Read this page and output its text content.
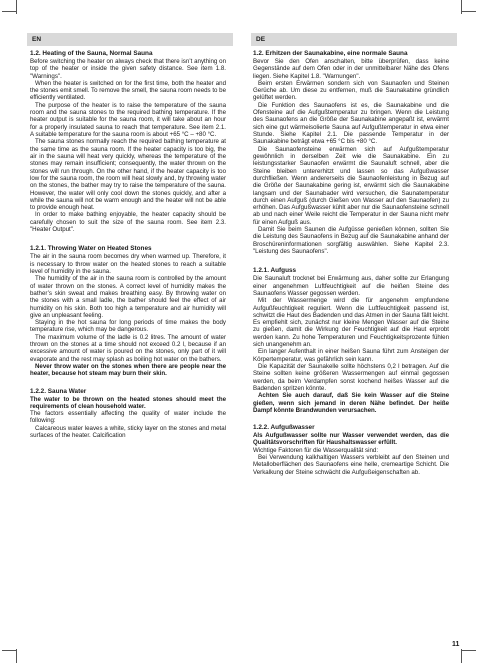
EN	DE
1.2. Heating of the Sauna, Normal Sauna

Before switching the heater on always check that there isn’t anything on top of the heater or inside the given safety distance. See item 1.8. "Warnings".

When the heater is switched on for the first time, both the heater and the stones emit smell. To remove the smell, the sauna room needs to be efficiently ventilated.

The purpose of the heater is to raise the temperature of the sauna room and the sauna stones to the required bathing temperature. If the heater output is suitable for the sauna room, it will take about an hour for a properly insulated sauna to reach that temperature. See item 2.1. A suitable temperature for the sauna room is about +65 °C – +80 °C.

The sauna stones normally reach the required bathing temperature at the same time as the sauna room. If the heater capacity is too big, the air in the sauna will heat very quickly, whereas the temperature of the stones may remain insufficient; consequently, the water thrown on the stones will run through. On the other hand, if the heater capacity is too low for the sauna room, the room will heat slowly and, by throwing water on the stones, the bather may try to raise the temperature of the sauna. However, the water will only cool down the stones quickly, and after a while the sauna will not be warm enough and the heater will not be able to provide enough heat.

In order to make bathing enjoyable, the heater capacity should be carefully chosen to suit the size of the sauna room. See item 2.3. "Heater Output".

1.2.1. Throwing Water on Heated Stones

The air in the sauna room becomes dry when warmed up. Therefore, it is necessary to throw water on the heated stones to reach a suitable level of humidity in the sauna.

The humidity of the air in the sauna room is controlled by the amount of water thrown on the stones. A correct level of humidity makes the bather’s skin sweat and makes breathing easy. By throwing water on the stones with a small ladle, the bather should feel the effect of air humidity on his skin. Both too high a temperature and air humidity will give an unpleasant feeling.

Staying in the hot sauna for long periods of time makes the body temperature rise, which may be dangerous.

The maximum volume of the ladle is 0.2 litres. The amount of water thrown on the stones at a time should not exceed 0.2 l, because if an excessive amount of water is poured on the stones, only part of it will evaporate and the rest may splash as boiling hot water on the bathers.

Never throw water on the stones when there are people near the heater, because hot steam may burn their skin.

1.2.2. Sauna Water

The water to be thrown on the heated stones should meet the requirements of clean household water.

The factors essentially affecting the quality of water include the following:

Calcareous water leaves a white, sticky layer on the stones and metal surfaces of the heater. Calcification

1.2. Erhitzen der Saunakabine, eine normale Sauna

Bevor Sie den Ofen anschalten, bitte überprüfen, dass keine Gegenstände auf dem Ofen oder in der unmittelbarer Nähe des Ofens liegen. Siehe Kapitel 1.8. "Warnungen".

Beim ersten Erwärmen sondern sich von Saunaofen und Steinen Gerüche ab. Um diese zu entfernen, muß die Saunakabine gründlich gelüftet werden.

Die Funktion des Saunaofens ist es, die Saunakabine und die Ofensteine auf die Aufgußtemperatur zu bringen. Wenn die Leistung des Saunaofens an die Größe der Saunakabine angepaßt ist, erwärmt sich eine gut wärmeisolierte Sauna auf Aufgußtemperatur in etwa einer Stunde. Siehe Kapitel 2.1. Die passende Temperatur in der Saunakabine beträgt etwa +65 °C bis +80 °C.

Die Saunaofensteine erwärmen sich auf Aufgußtemperatur gewöhnlich in derselben Zeit wie die Saunakabine. Ein zu leistungsstarker Saunaofen erwärmt die Saunaluft schnell, aber die Steine bleiben untererhitzt und lassen so das Aufgußwasser durchfließen. Wenn andererseits die Saunaofenleistung in Bezug auf die Größe der Saunakabine gering ist, erwärmt sich die Saunakabine langsam und der Saunabader wird versuchen, die Saunatemperatur durch einen Aufguß (durch Gießen von Wasser auf den Saunaofen) zu erhöhen. Das Aufgußwasser kühlt aber nur die Saunaofensteine schnell ab und nach einer Weile reicht die Temperatur in der Sauna nicht mehr für einen Aufguß aus.

Damit Sie beim Saunen die Aufgüsse genießen können, sollten Sie die Leistung des Saunaofens in Bezug auf die Saunakabine anhand der Broschüreninformationen sorgfältig auswählen. Siehe Kapitel 2.3. "Leistung des Saunaofens".

1.2.1. Aufguss

Die Saunaluft trocknet bei Erwärmung aus, daher sollte zur Erlangung einer angenehmen Luftfeuchtigkeit auf die heißen Steine des Saunaofens Wasser gegossen werden.

Mit der Wassermenge wird die für angenehm empfundene Aufgußfeuchtigkeit reguliert. Wenn die Luftfeuchtigkeit passend ist, schwitzt die Haut des Badenden und das Atmen in der Sauna fällt leicht. Es empfiehlt sich, zunächst nur kleine Mengen Wasser auf die Steine zu gießen, damit die Wirkung der Feuchtigkeit auf die Haut erprobt werden kann. Zu hohe Temperaturen und Feuchtigkeitsprozente fühlen sich unangenehm an.

Ein langer Aufenthalt in einer heißen Sauna führt zum Ansteigen der Körpertemperatur, was gefährlich sein kann.

Die Kapazität der Saunakelle sollte höchstens 0,2 l betragen. Auf die Steine sollten keine größeren Wassermengen auf einmal gegossen werden, da beim Verdampfen sonst kochend heißes Wasser auf die Badenden spritzen könnte.

Achten Sie auch darauf, daß Sie kein Wasser auf die Steine gießen, wenn sich jemand in deren Nähe befindet. Der heiße Dampf könnte Brandwunden verursachen.

1.2.2. Aufgußwasser

Als Aufgußwasser sollte nur Wasser verwendet werden, das die Qualitätsvorschriften für Haushaltswasser erfüllt.

Wichtige Faktoren für die Wasserqualität sind:

Bei Verwendung kalkhaltigen Wassers verbleibt auf den Steinen und Metalloberflächen des Saunaofens eine helle, cremeartige Schicht. Die Verkalkung der Steine schwächt die Aufgußeigenschaften ab.

11
